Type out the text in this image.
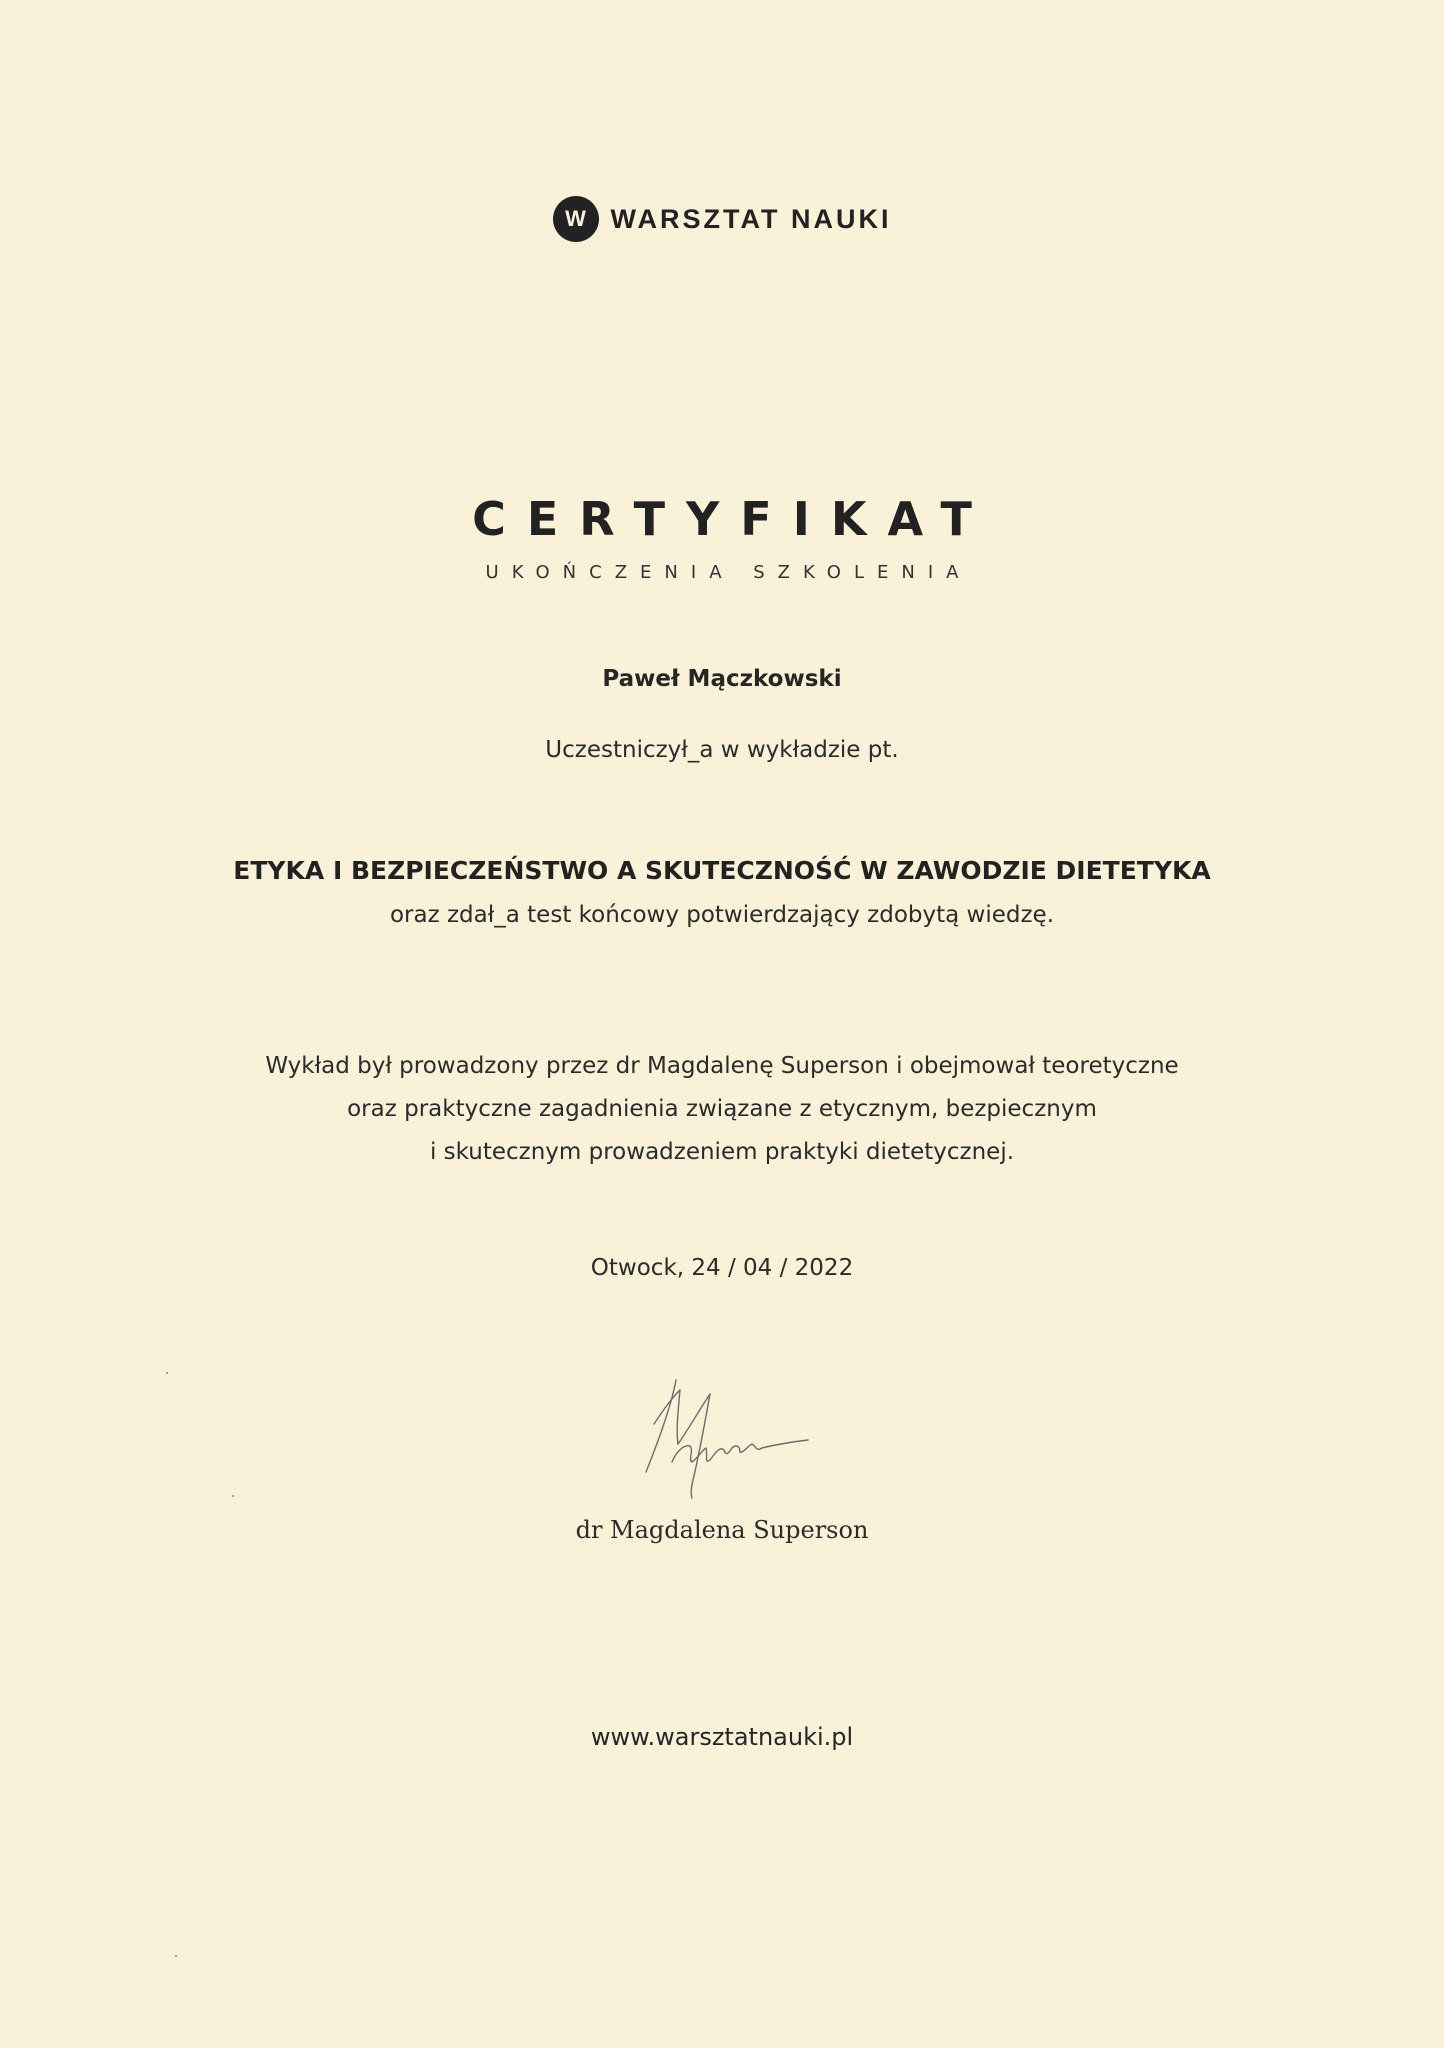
W WARSZTAT NAUKI
CERTYFIKAT
UKOŃCZENIA SZKOLENIA
Paweł Mączkowski
Uczestniczył_a w wykładzie pt.
ETYKA I BEZPIECZEŃSTWO A SKUTECZNOŚĆ W ZAWODZIE DIETETYKA
oraz zdał_a test końcowy potwierdzający zdobytą wiedzę.
Wykład był prowadzony przez dr Magdalenę Superson i obejmował teoretyczne
oraz praktyczne zagadnienia związane z etycznym, bezpiecznym
i skutecznym prowadzeniem praktyki dietetycznej.
Otwock, 24 / 04 / 2022
dr Magdalena Superson
www.warsztatnauki.pl
